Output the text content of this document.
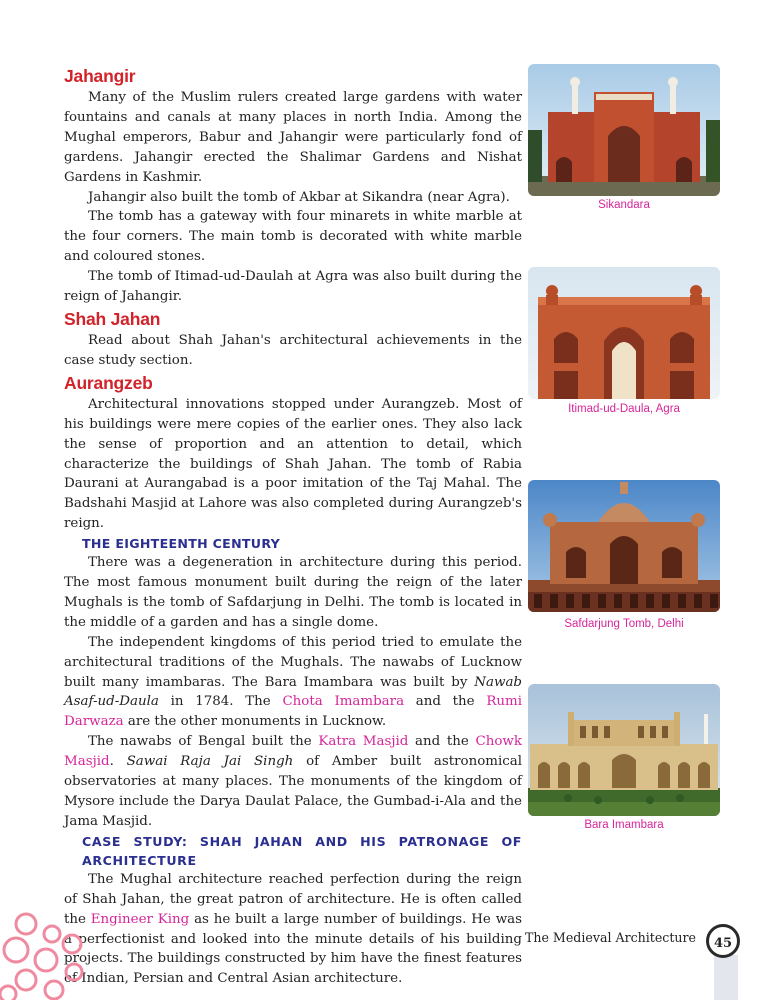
Jahangir

Many of the Muslim rulers created large gardens with water fountains and canals at many places in north India. Among the Mughal emperors, Babur and Jahangir were particularly fond of gardens. Jahangir erected the Shalimar Gardens and Nishat Gardens in Kashmir.

Jahangir also built the tomb of Akbar at Sikandra (near Agra).

The tomb has a gateway with four minarets in white marble at the four corners. The main tomb is decorated with white marble and coloured stones.

The tomb of Itimad-ud-Daulah at Agra was also built during the reign of Jahangir.

Shah Jahan

Read about Shah Jahan's architectural achievements in the case study section.

Aurangzeb

Architectural innovations stopped under Aurangzeb. Most of his buildings were mere copies of the earlier ones. They also lack the sense of proportion and an attention to detail, which characterize the buildings of Shah Jahan. The tomb of Rabia Daurani at Aurangabad is a poor imitation of the Taj Mahal. The Badshahi Masjid at Lahore was also completed during Aurangzeb's reign.

THE EIGHTEENTH CENTURY

There was a degeneration in architecture during this period. The most famous monument built during the reign of the later Mughals is the tomb of Safdarjung in Delhi. The tomb is located in the middle of a garden and has a single dome.

The independent kingdoms of this period tried to emulate the architectural traditions of the Mughals. The nawabs of Lucknow built many imambaras. The Bara Imambara was built by Nawab Asaf-ud-Daula in 1784. The Chota Imambara and the Rumi Darwaza are the other monuments in Lucknow.

The nawabs of Bengal built the Katra Masjid and the Chowk Masjid. Sawai Raja Jai Singh of Amber built astronomical observatories at many places. The monuments of the kingdom of Mysore include the Darya Daulat Palace, the Gumbad-i-Ala and the Jama Masjid.

CASE STUDY: SHAH JAHAN AND HIS PATRONAGE OF ARCHITECTURE

The Mughal architecture reached perfection during the reign of Shah Jahan, the great patron of architecture. He is often called the Engineer King as he built a large number of buildings. He was a perfectionist and looked into the minute details of his building projects. The buildings constructed by him have the finest features of Indian, Persian and Central Asian architecture.

Sikandara
Itimad-ud-Daula, Agra
Safdarjung Tomb, Delhi
Bara Imambara
The Medieval Architecture	45
